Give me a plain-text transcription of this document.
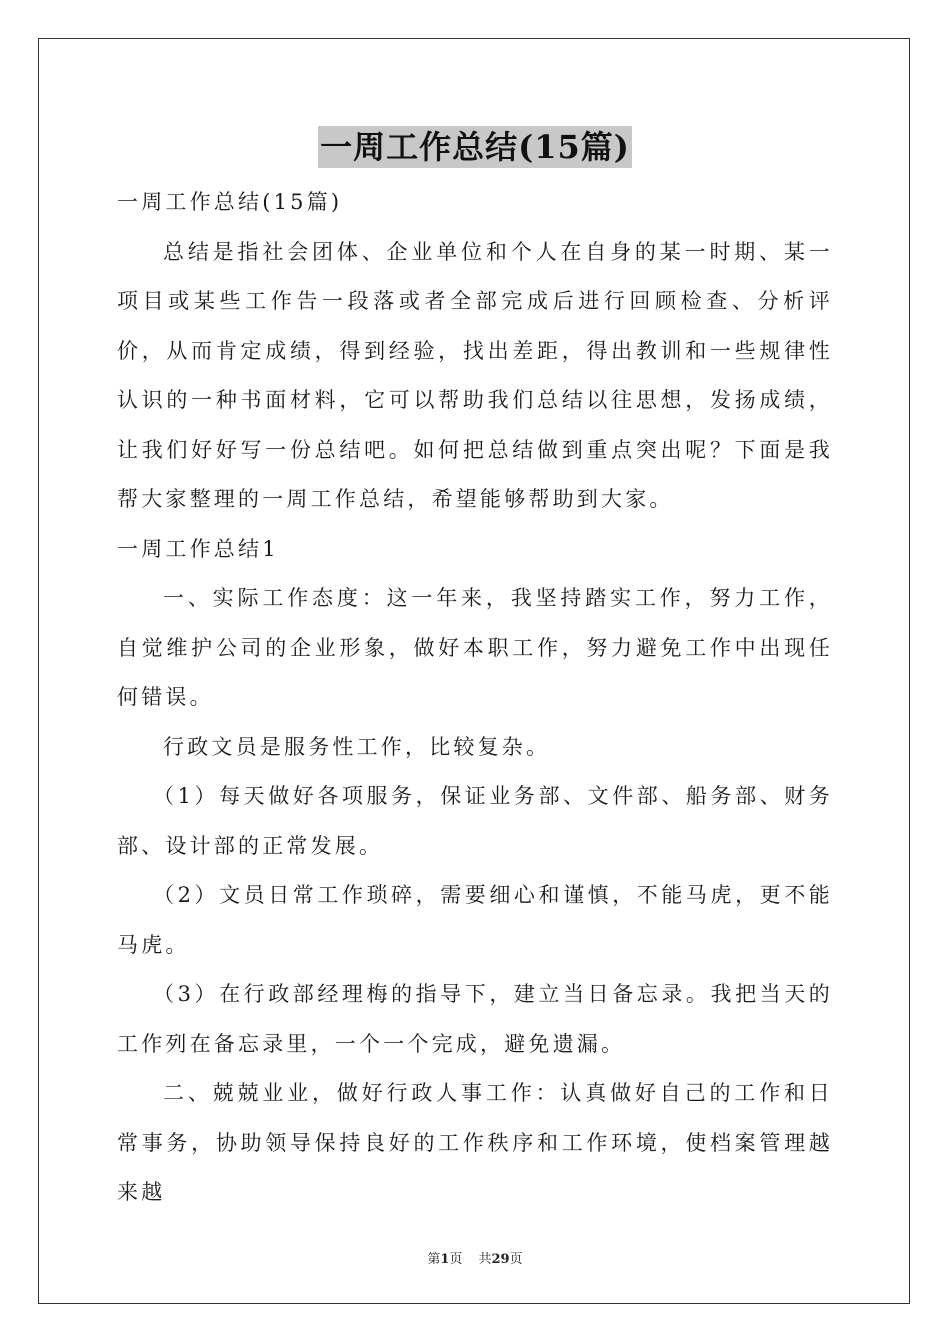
一周工作总结(15篇)

一周工作总结(15篇)

总结是指社会团体、企业单位和个人在自身的某一时期、某一项目或某些工作告一段落或者全部完成后进行回顾检查、分析评价，从而肯定成绩，得到经验，找出差距，得出教训和一些规律性认识的一种书面材料，它可以帮助我们总结以往思想，发扬成绩，让我们好好写一份总结吧。如何把总结做到重点突出呢？下面是我帮大家整理的一周工作总结，希望能够帮助到大家。

一周工作总结1

一、实际工作态度：这一年来，我坚持踏实工作，努力工作，自觉维护公司的企业形象，做好本职工作，努力避免工作中出现任何错误。

行政文员是服务性工作，比较复杂。

（1）每天做好各项服务，保证业务部、文件部、船务部、财务部、设计部的正常发展。

（2）文员日常工作琐碎，需要细心和谨慎，不能马虎，更不能马虎。

（3）在行政部经理梅的指导下，建立当日备忘录。我把当天的工作列在备忘录里，一个一个完成，避免遗漏。

二、兢兢业业，做好行政人事工作：认真做好自己的工作和日常事务，协助领导保持良好的工作秩序和工作环境，使档案管理越来越

第1页 共29页
